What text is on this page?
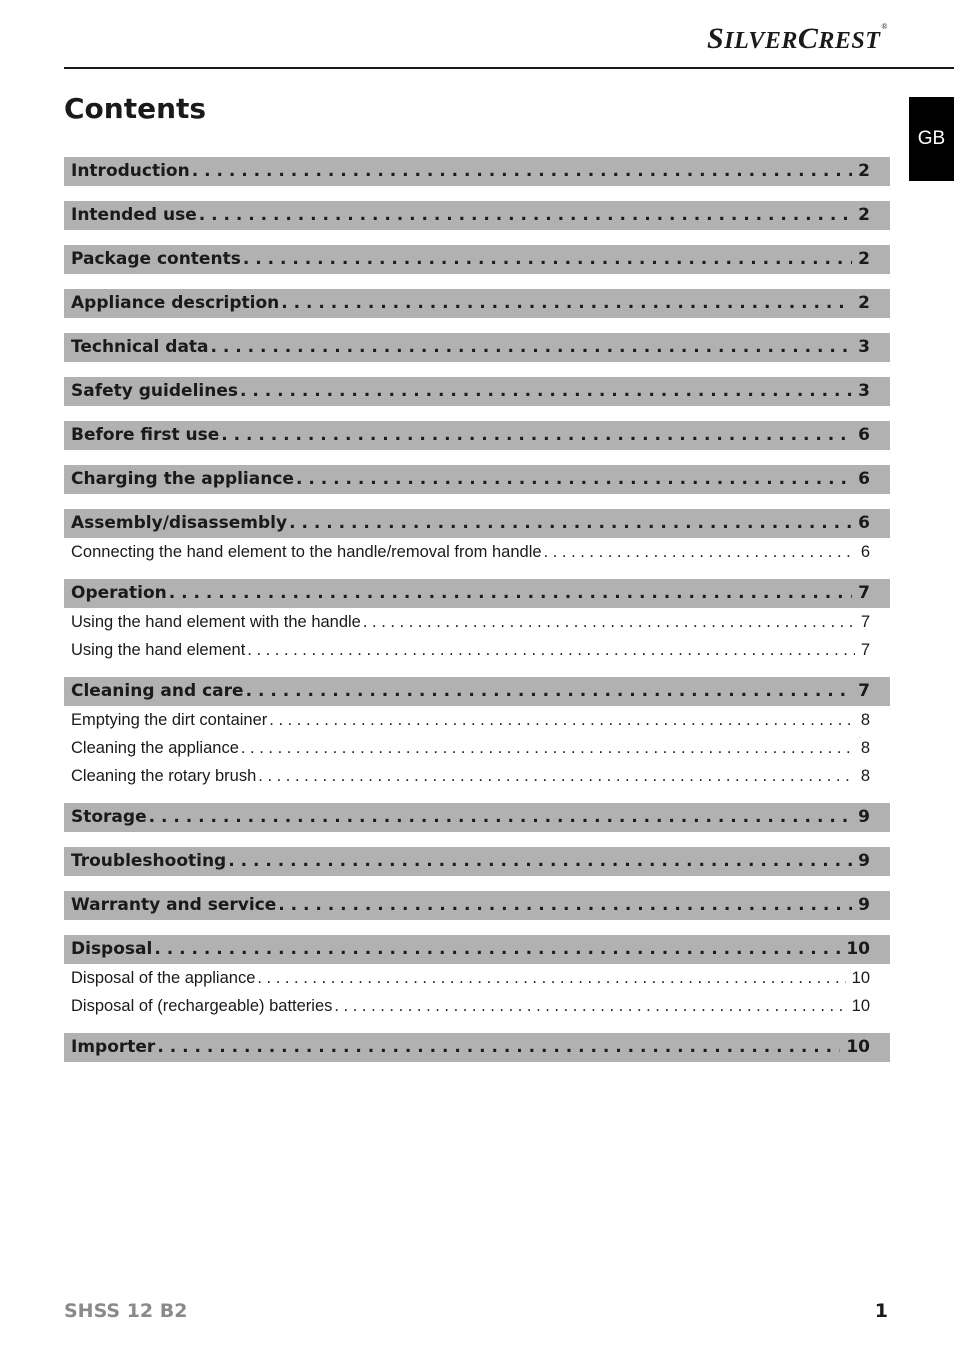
SILVERCREST®
GB
Contents
Introduction . . .	2
Intended use . . .	2
Package contents . . .	2
Appliance description . . .	2
Technical data . . .	3
Safety guidelines . . .	3
Before first use . . .	6
Charging the appliance . . .	6
Assembly/disassembly . . .	6
Connecting the hand element to the handle/removal from handle . . .	6
Operation . . .	7
Using the hand element with the handle . . .	7
Using the hand element . . .	7
Cleaning and care . . .	7
Emptying the dirt container . . .	8
Cleaning the appliance . . .	8
Cleaning the rotary brush . . .	8
Storage . . .	9
Troubleshooting . . .	9
Warranty and service . . .	9
Disposal . . .	10
Disposal of the appliance . . .	10
Disposal of (rechargeable) batteries . . .	10
Importer . . .	10
SHSS 12 B2	1
